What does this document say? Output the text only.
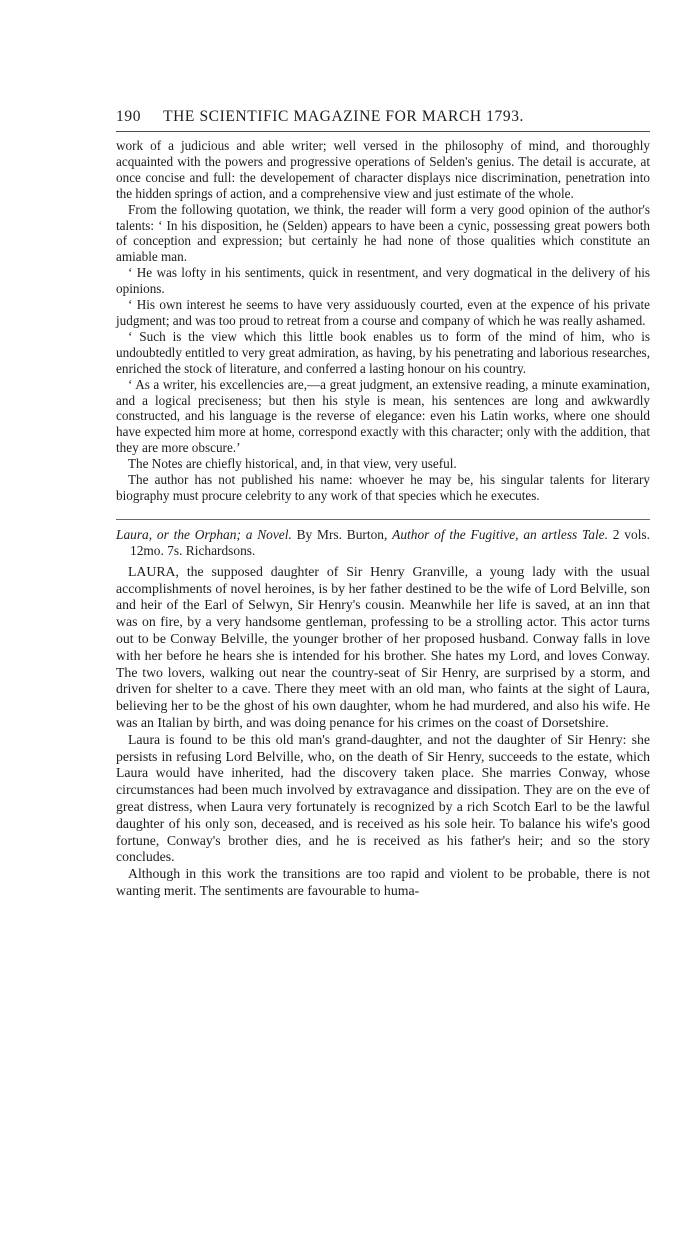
190 THE SCIENTIFIC MAGAZINE FOR MARCH 1793.

work of a judicious and able writer; well versed in the philosophy of mind, and thoroughly acquainted with the powers and progressive operations of Selden's genius. The detail is accurate, at once concise and full: the developement of character displays nice discrimination, penetration into the hidden springs of action, and a comprehensive view and just estimate of the whole.

From the following quotation, we think, the reader will form a very good opinion of the author's talents: ‘ In his disposition, he (Selden) appears to have been a cynic, possessing great powers both of conception and expression; but certainly he had none of those qualities which constitute an amiable man.

‘ He was lofty in his sentiments, quick in resentment, and very dogmatical in the delivery of his opinions.

‘ His own interest he seems to have very assiduously courted, even at the expence of his private judgment; and was too proud to retreat from a course and company of which he was really ashamed.

‘ Such is the view which this little book enables us to form of the mind of him, who is undoubtedly entitled to very great admiration, as having, by his penetrating and laborious researches, enriched the stock of literature, and conferred a lasting honour on his country.

‘ As a writer, his excellencies are,—a great judgment, an extensive reading, a minute examination, and a logical preciseness; but then his style is mean, his sentences are long and awkwardly constructed, and his language is the reverse of elegance: even his Latin works, where one should have expected him more at home, correspond exactly with this character; only with the addition, that they are more obscure.’

The Notes are chiefly historical, and, in that view, very useful.

The author has not published his name: whoever he may be, his singular talents for literary biography must procure celebrity to any work of that species which he executes.

Laura, or the Orphan; a Novel. By Mrs. Burton, Author of the Fugitive, an artless Tale. 2 vols. 12mo. 7s. Richardsons.

LAURA, the supposed daughter of Sir Henry Granville, a young lady with the usual accomplishments of novel heroines, is by her father destined to be the wife of Lord Belville, son and heir of the Earl of Selwyn, Sir Henry's cousin. Meanwhile her life is saved, at an inn that was on fire, by a very handsome gentleman, professing to be a strolling actor. This actor turns out to be Conway Belville, the younger brother of her proposed husband. Conway falls in love with her before he hears she is intended for his brother. She hates my Lord, and loves Conway. The two lovers, walking out near the country-seat of Sir Henry, are surprised by a storm, and driven for shelter to a cave. There they meet with an old man, who faints at the sight of Laura, believing her to be the ghost of his own daughter, whom he had murdered, and also his wife. He was an Italian by birth, and was doing penance for his crimes on the coast of Dorsetshire.

Laura is found to be this old man's grand-daughter, and not the daughter of Sir Henry: she persists in refusing Lord Belville, who, on the death of Sir Henry, succeeds to the estate, which Laura would have inherited, had the discovery taken place. She marries Conway, whose circumstances had been much involved by extravagance and dissipation. They are on the eve of great distress, when Laura very fortunately is recognized by a rich Scotch Earl to be the lawful daughter of his only son, deceased, and is received as his sole heir. To balance his wife's good fortune, Conway's brother dies, and he is received as his father's heir; and so the story concludes.

Although in this work the transitions are too rapid and violent to be probable, there is not wanting merit. The sentiments are favourable to huma-
